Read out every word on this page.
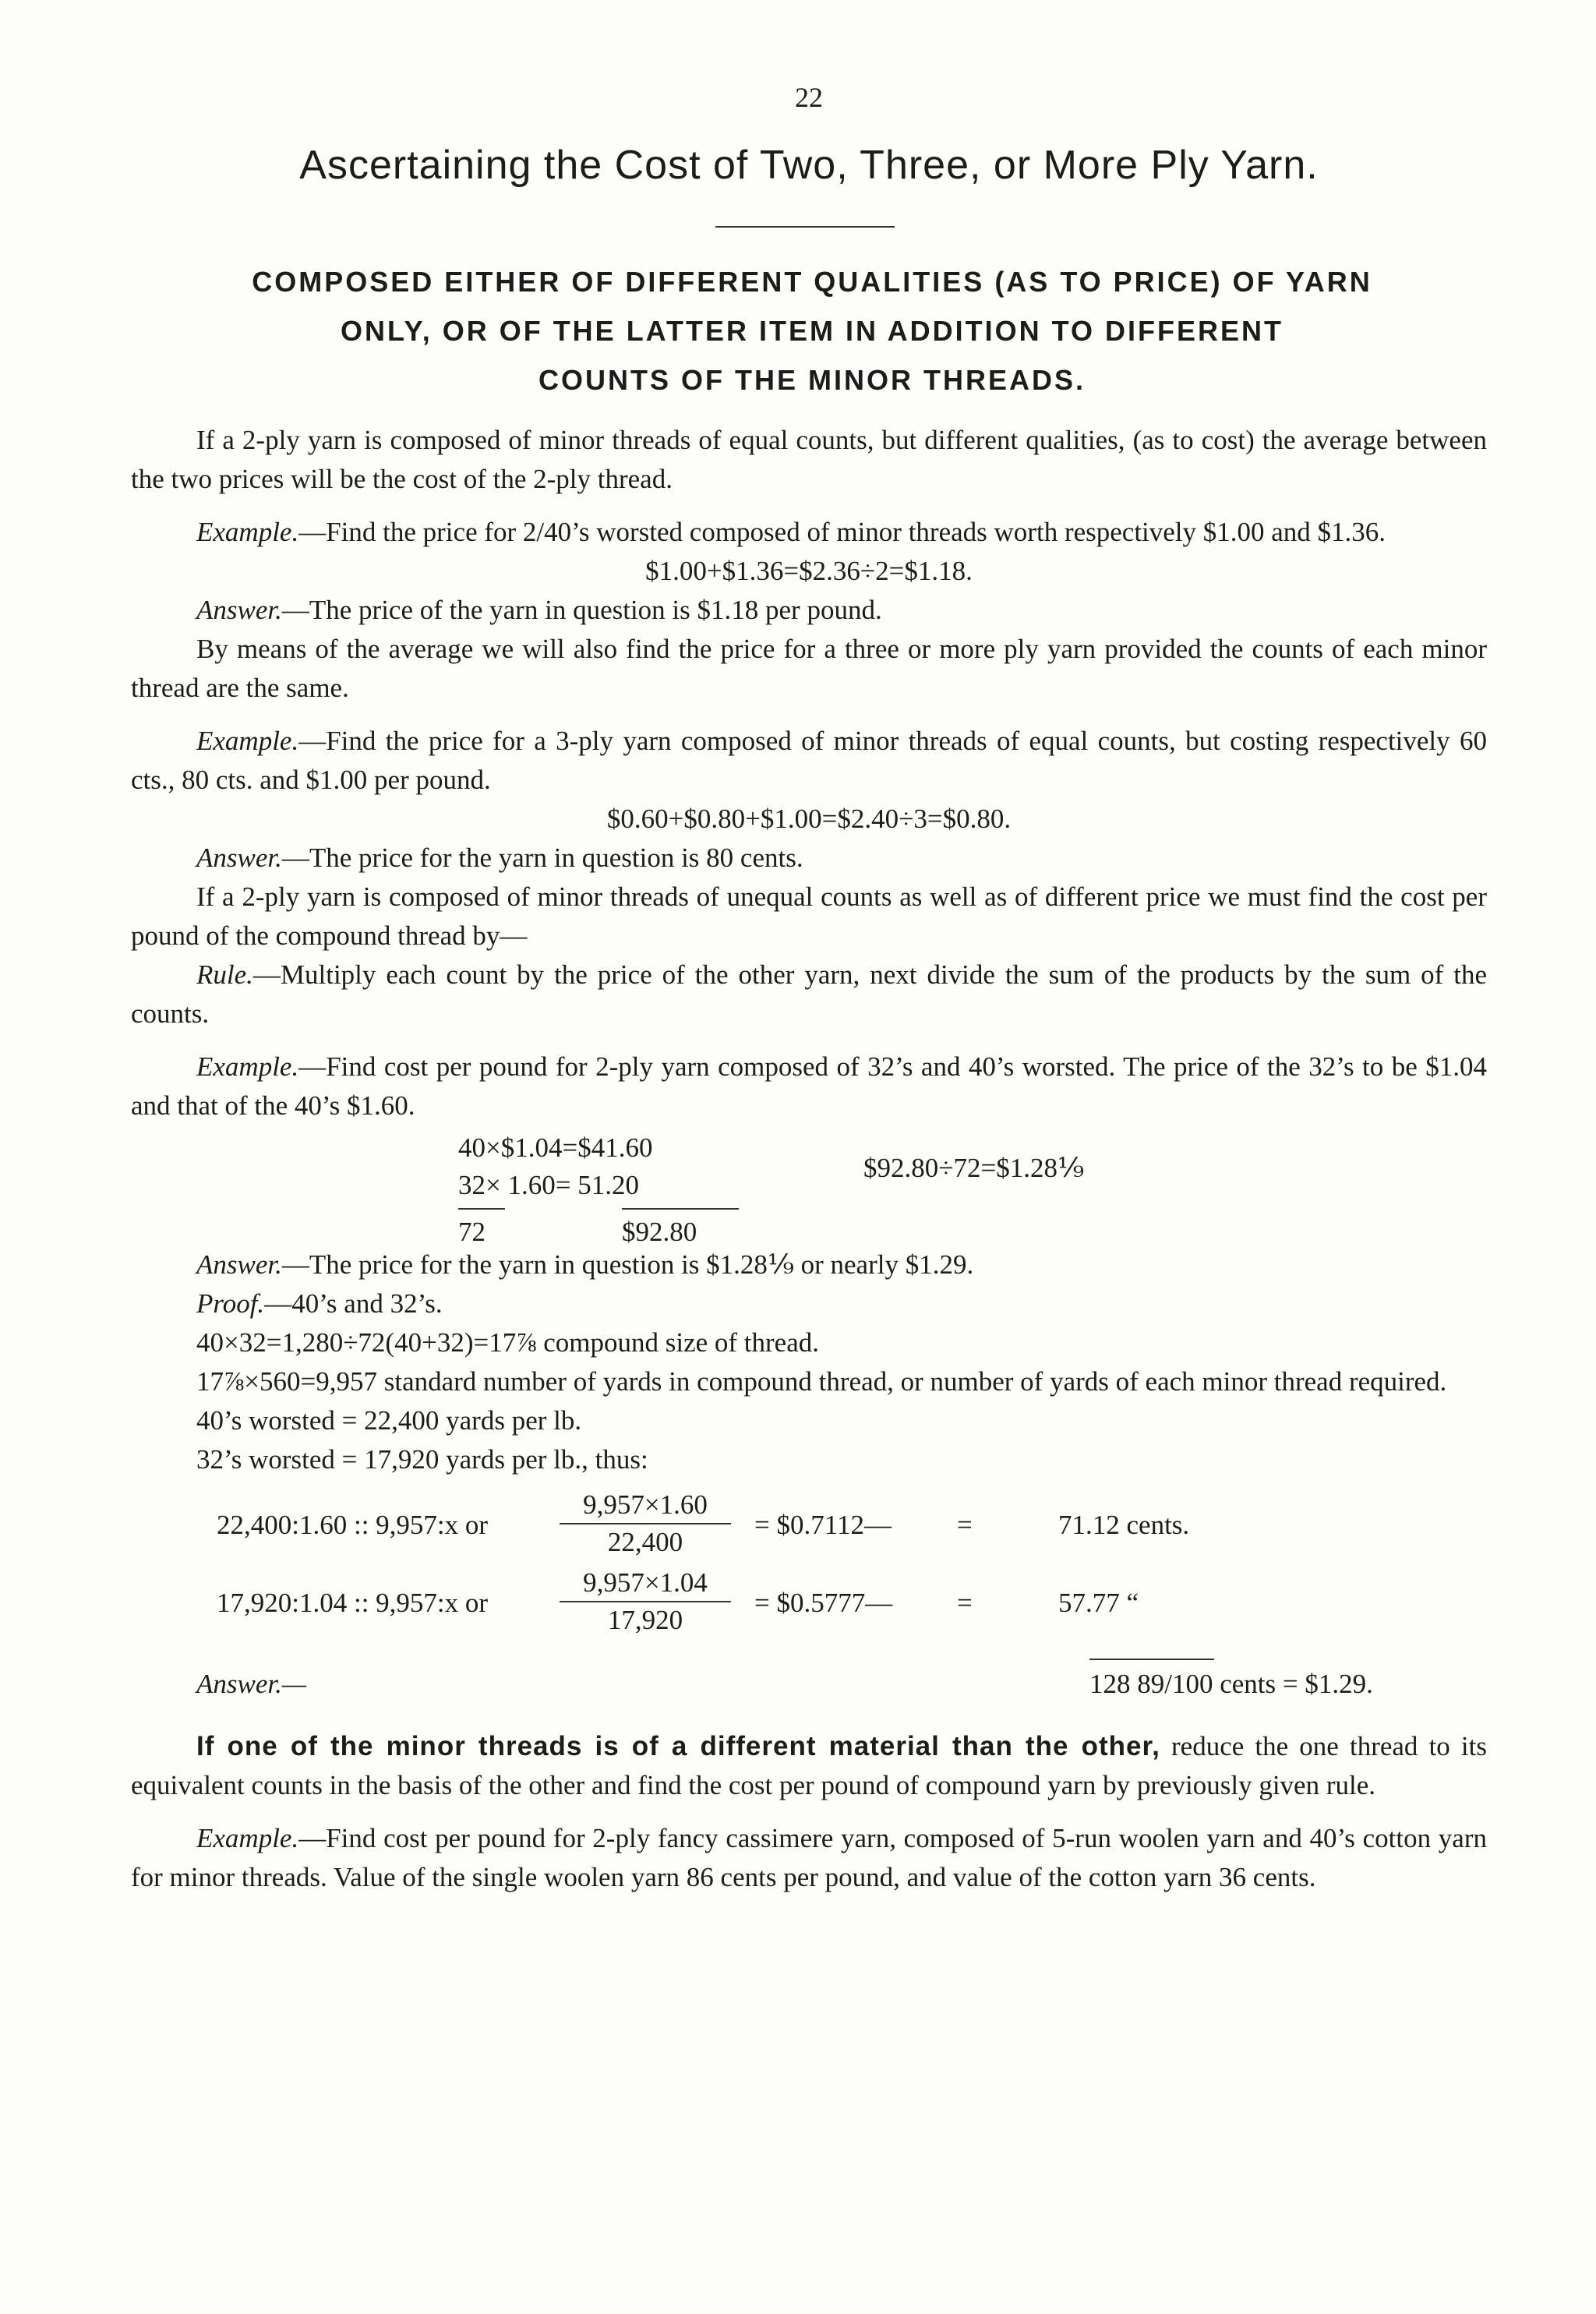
22
Ascertaining the Cost of Two, Three, or More Ply Yarn.
COMPOSED EITHER OF DIFFERENT QUALITIES (AS TO PRICE) OF YARN
ONLY, OR OF THE LATTER ITEM IN ADDITION TO DIFFERENT
COUNTS OF THE MINOR THREADS.

If a 2-ply yarn is composed of minor threads of equal counts, but different qualities, (as to cost) the average between the two prices will be the cost of the 2-ply thread.

Example.—Find the price for 2/40’s worsted composed of minor threads worth respectively $1.00 and $1.36.

$1.00+$1.36=$2.36÷2=$1.18.

Answer.—The price of the yarn in question is $1.18 per pound.

By means of the average we will also find the price for a three or more ply yarn provided the counts of each minor thread are the same.

Example.—Find the price for a 3-ply yarn composed of minor threads of equal counts, but costing respectively 60 cts., 80 cts. and $1.00 per pound.

$0.60+$0.80+$1.00=$2.40÷3=$0.80.

Answer.—The price for the yarn in question is 80 cents.

If a 2-ply yarn is composed of minor threads of unequal counts as well as of different price we must find the cost per pound of the compound thread by—

Rule.—Multiply each count by the price of the other yarn, next divide the sum of the products by the sum of the counts.

Example.—Find cost per pound for 2-ply yarn composed of 32’s and 40’s worsted. The price of the 32’s to be $1.04 and that of the 40’s $1.60.

40×$1.04=$41.60
32× 1.60= 51.20
72	$92.80
$92.80÷72=$1.28⅑

Answer.—The price for the yarn in question is $1.28⅑ or nearly $1.29.

Proof.—40’s and 32’s.

40×32=1,280÷72(40+32)=17⅞ compound size of thread.

17⅞×560=9,957 standard number of yards in compound thread, or number of yards of each minor thread required.

40’s worsted = 22,400 yards per lb.

32’s worsted = 17,920 yards per lb., thus:

22,400:1.60 :: 9,957:x or	$\frac{9,957\times 1.60}{22,400}$ = $0.7112— =	71.12 cents.
17,920:1.04 :: 9,957:x or	$\frac{9,957\times 1.04}{17,920}$ = $0.5777— =	57.77 “
Answer.—	128 89/100 cents = $1.29.

If one of the minor threads is of a different material than the other, reduce the one thread to its equivalent counts in the basis of the other and find the cost per pound of compound yarn by previously given rule.

Example.—Find cost per pound for 2-ply fancy cassimere yarn, composed of 5-run woolen yarn and 40’s cotton yarn for minor threads. Value of the single woolen yarn 86 cents per pound, and value of the cotton yarn 36 cents.
